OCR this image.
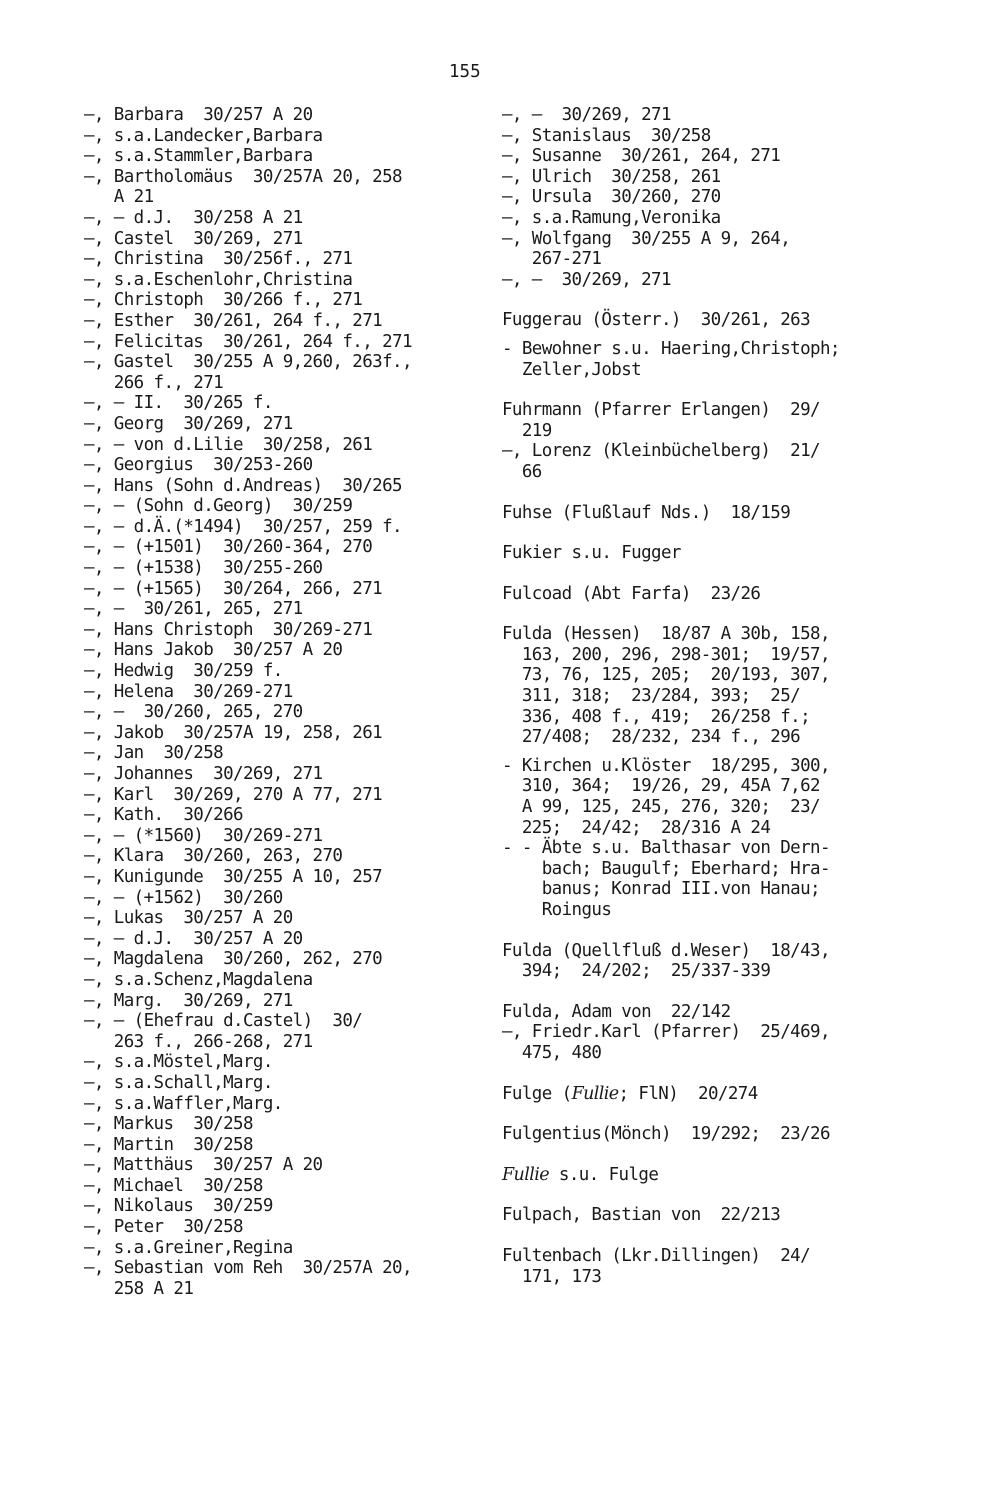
155
—, Barbara  30/257 A 20
—, s.a.Landecker,Barbara
—, s.a.Stammler,Barbara
—, Bartholomäus  30/257A 20, 258
A 21
—, — d.J.  30/258 A 21
—, Castel  30/269, 271
—, Christina  30/256f., 271
—, s.a.Eschenlohr,Christina
—, Christoph  30/266 f., 271
—, Esther  30/261, 264 f., 271
—, Felicitas  30/261, 264 f., 271
—, Gastel  30/255 A 9,260, 263f.,
266 f., 271
—, — II.  30/265 f.
—, Georg  30/269, 271
—, — von d.Lilie  30/258, 261
—, Georgius  30/253-260
—, Hans (Sohn d.Andreas)  30/265
—, — (Sohn d.Georg)  30/259
—, — d.Ä.(*1494)  30/257, 259 f.
—, — (+1501)  30/260-364, 270
—, — (+1538)  30/255-260
—, — (+1565)  30/264, 266, 271
—, —  30/261, 265, 271
—, Hans Christoph  30/269-271
—, Hans Jakob  30/257 A 20
—, Hedwig  30/259 f.
—, Helena  30/269-271
—, —  30/260, 265, 270
—, Jakob  30/257A 19, 258, 261
—, Jan  30/258
—, Johannes  30/269, 271
—, Karl  30/269, 270 A 77, 271
—, Kath.  30/266
—, — (*1560)  30/269-271
—, Klara  30/260, 263, 270
—, Kunigunde  30/255 A 10, 257
—, — (+1562)  30/260
—, Lukas  30/257 A 20
—, — d.J.  30/257 A 20
—, Magdalena  30/260, 262, 270
—, s.a.Schenz,Magdalena
—, Marg.  30/269, 271
—, — (Ehefrau d.Castel)  30/
263 f., 266-268, 271
—, s.a.Möstel,Marg.
—, s.a.Schall,Marg.
—, s.a.Waffler,Marg.
—, Markus  30/258
—, Martin  30/258
—, Matthäus  30/257 A 20
—, Michael  30/258
—, Nikolaus  30/259
—, Peter  30/258
—, s.a.Greiner,Regina
—, Sebastian vom Reh  30/257A 20,
258 A 21
—, —  30/269, 271
—, Stanislaus  30/258
—, Susanne  30/261, 264, 271
—, Ulrich  30/258, 261
—, Ursula  30/260, 270
—, s.a.Ramung,Veronika
—, Wolfgang  30/255 A 9, 264,
267-271
—, —  30/269, 271
Fuggerau (Österr.)  30/261, 263
- Bewohner s.u. Haering,Christoph;
Zeller,Jobst
Fuhrmann (Pfarrer Erlangen)  29/
219
—, Lorenz (Kleinbüchelberg)  21/
66
Fuhse (Flußlauf Nds.)  18/159
Fukier s.u. Fugger
Fulcoad (Abt Farfa)  23/26
Fulda (Hessen)  18/87 A 30b, 158,
163, 200, 296, 298-301;  19/57,
73, 76, 125, 205;  20/193, 307,
311, 318;  23/284, 393;  25/
336, 408 f., 419;  26/258 f.;
27/408;  28/232, 234 f., 296
- Kirchen u.Klöster  18/295, 300,
310, 364;  19/26, 29, 45A 7,62
A 99, 125, 245, 276, 320;  23/
225;  24/42;  28/316 A 24
- - Äbte s.u. Balthasar von Dern-
bach; Baugulf; Eberhard; Hra-
banus; Konrad III.von Hanau;
Roingus
Fulda (Quellfluß d.Weser)  18/43,
394;  24/202;  25/337-339
Fulda, Adam von  22/142
—, Friedr.Karl (Pfarrer)  25/469,
475, 480
Fulge (Fullie; FlN)  20/274
Fulgentius(Mönch)  19/292;  23/26
Fullie s.u. Fulge
Fulpach, Bastian von  22/213
Fultenbach (Lkr.Dillingen)  24/
171, 173
